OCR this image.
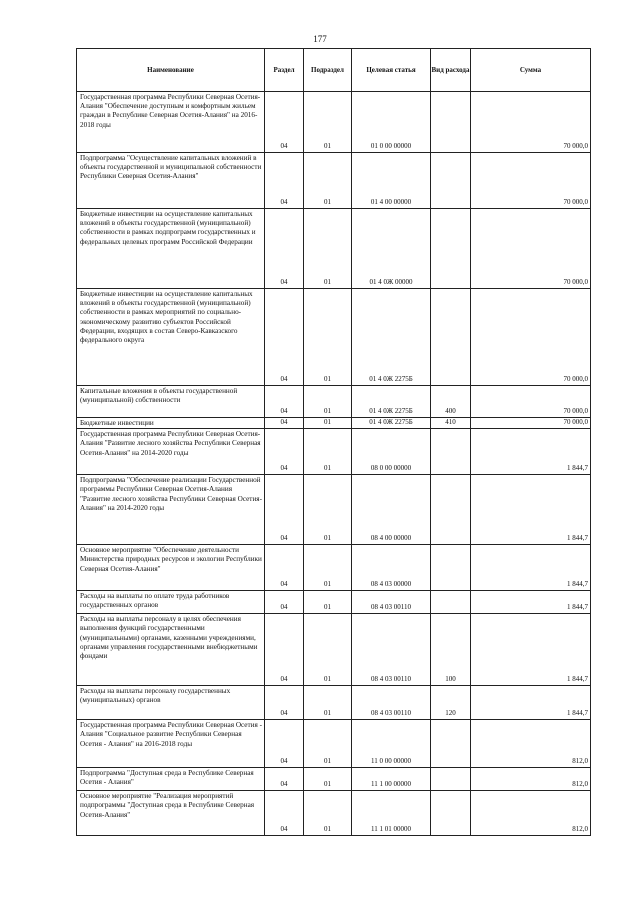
177
Наименование	Раздел	Подраздел	Целевая статья	Вид расхода	Сумма
Государственная программа Республики Северная Осетия-Алания "Обеспечение доступным и комфортным жильем граждан в Республике Северная Осетия-Алания" на 2016-2018 годы	04	01	01 0 00 00000		70 000,0
Подпрограмма "Осуществление капитальных вложений в объекты государственной и муниципальной собственности Республики Северная Осетия-Алания"	04	01	01 4 00 00000		70 000,0
Бюджетные инвестиции на осуществление капитальных вложений в объекты государственной (муниципальной) собственности в рамках подпрограмм государственных и федеральных целевых программ Российской Федерации	04	01	01 4 0Ж 00000		70 000,0
Бюджетные инвестиции на осуществление капитальных вложений в объекты государственной (муниципальной) собственности в рамках мероприятий по социально-экономическому развитию субъектов Российской Федерации, входящих в состав Северо-Кавказского федерального округа	04	01	01 4 0Ж 2275Б		70 000,0
Капитальные вложения в объекты государственной (муниципальной) собственности	04	01	01 4 0Ж 2275Б	400	70 000,0
Бюджетные инвестиции	04	01	01 4 0Ж 2275Б	410	70 000,0
Государственная программа Республики Северная Осетия-Алания "Развитие лесного хозяйства Республики Северная Осетия-Алания" на 2014-2020 годы	04	01	08 0 00 00000		1 844,7
Подпрограмма "Обеспечение реализации Государственной программы Республики Северная Осетия-Алания "Развитие лесного хозяйства Республики Северная Осетия-Алания" на 2014-2020 годы	04	01	08 4 00 00000		1 844,7
Основное мероприятие "Обеспечение деятельности Министерства природных ресурсов и экологии Республики Северная Осетия-Алания"	04	01	08 4 03 00000		1 844,7
Расходы на выплаты по оплате труда работников государственных органов	04	01	08 4 03 00110		1 844,7
Расходы на выплаты персоналу в целях обеспечения выполнения функций государственными (муниципальными) органами, казенными учреждениями, органами управления государственными внебюджетными фондами	04	01	08 4 03 00110	100	1 844,7
Расходы на выплаты персоналу государственных (муниципальных) органов	04	01	08 4 03 00110	120	1 844,7
Государственная программа Республики Северная Осетия - Алания "Социальное развитие Республики Северная Осетия - Алания" на 2016-2018 годы	04	01	11 0 00 00000		812,0
Подпрограмма "Доступная среда в Республике Северная Осетия - Алания"	04	01	11 1 00 00000		812,0
Основное мероприятие "Реализация мероприятий подпрограммы "Доступная среда в Республике Северная Осетия-Алания"	04	01	11 1 01 00000		812,0
